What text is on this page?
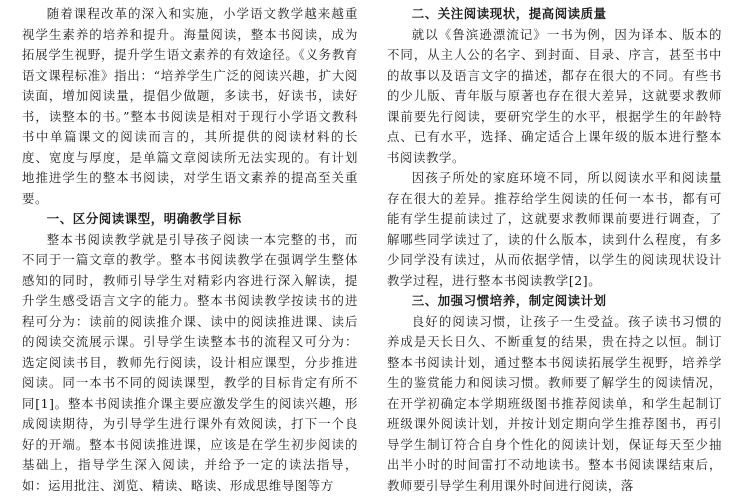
随着课程改革的深入和实施，小学语文教学越来越重视学生素养的培养和提升。海量阅读，整本书阅读，成为拓展学生视野，提升学生语文素养的有效途径。《义务教育语文课程标准》指出：“培养学生广泛的阅读兴趣，扩大阅读面，增加阅读量，提倡少做题，多读书，好读书，读好书，读整本的书。”整本书阅读是相对于现行小学语文教科书中单篇课文的阅读而言的，其所提供的阅读材料的长度、宽度与厚度，是单篇文章阅读所无法实现的。有计划地推进学生的整本书阅读，对学生语文素养的提高至关重要。

一、区分阅读课型，明确教学目标

整本书阅读教学就是引导孩子阅读一本完整的书，而不同于一篇文章的教学。整本书阅读教学在强调学生整体感知的同时，教师引导学生对精彩内容进行深入解读，提升学生感受语言文字的能力。整本书阅读教学按读书的进程可分为：读前的阅读推介课、读中的阅读推进课、读后的阅读交流展示课。引导学生读整本书的流程又可分为：选定阅读书目，教师先行阅读，设计相应课型，分步推进阅读。同一本书不同的阅读课型，教学的目标肯定有所不同[1]。整本书阅读推介课主要应激发学生的阅读兴趣，形成阅读期待，为引导学生进行课外有效阅读，打下一个良好的开端。整本书阅读推进课，应该是在学生初步阅读的基础上，指导学生深入阅读，并给予一定的读法指导，如：运用批注、浏览、精读、略读、形成思维导图等方

二、关注阅读现状，提高阅读质量

就以《鲁滨逊漂流记》一书为例，因为译本、版本的不同，从主人公的名字、到封面、目录、序言，甚至书中的故事以及语言文字的描述，都存在很大的不同。有些书的少儿版、青年版与原著也存在很大差异，这就要求教师课前要先行阅读，要研究学生的水平，根据学生的年龄特点、已有水平，选择、确定适合上课年级的版本进行整本书阅读教学。

因孩子所处的家庭环境不同，所以阅读水平和阅读量存在很大的差异。推荐给学生阅读的任何一本书，都有可能有学生提前读过了，这就要求教师课前要进行调查，了解哪些同学读过了，读的什么版本，读到什么程度，有多少同学没有读过，从而依据学情，以学生的阅读现状设计教学过程，进行整本书阅读教学[2]。

三、加强习惯培养，制定阅读计划

良好的阅读习惯，让孩子一生受益。孩子读书习惯的养成是天长日久、不断重复的结果，贵在持之以恒。制订整本书阅读计划，通过整本书阅读拓展学生视野，培养学生的鉴赏能力和阅读习惯。教师要了解学生的阅读情况，在开学初确定本学期班级图书推荐阅读单，和学生起制订班级课外阅读计划，并按计划定期向学生推荐图书，再引导学生制订符合自身个性化的阅读计划，保证每天至少抽出半小时的时间雷打不动地读书。整本书阅读课结束后，教师要引导学生利用课外时间进行阅读，落
